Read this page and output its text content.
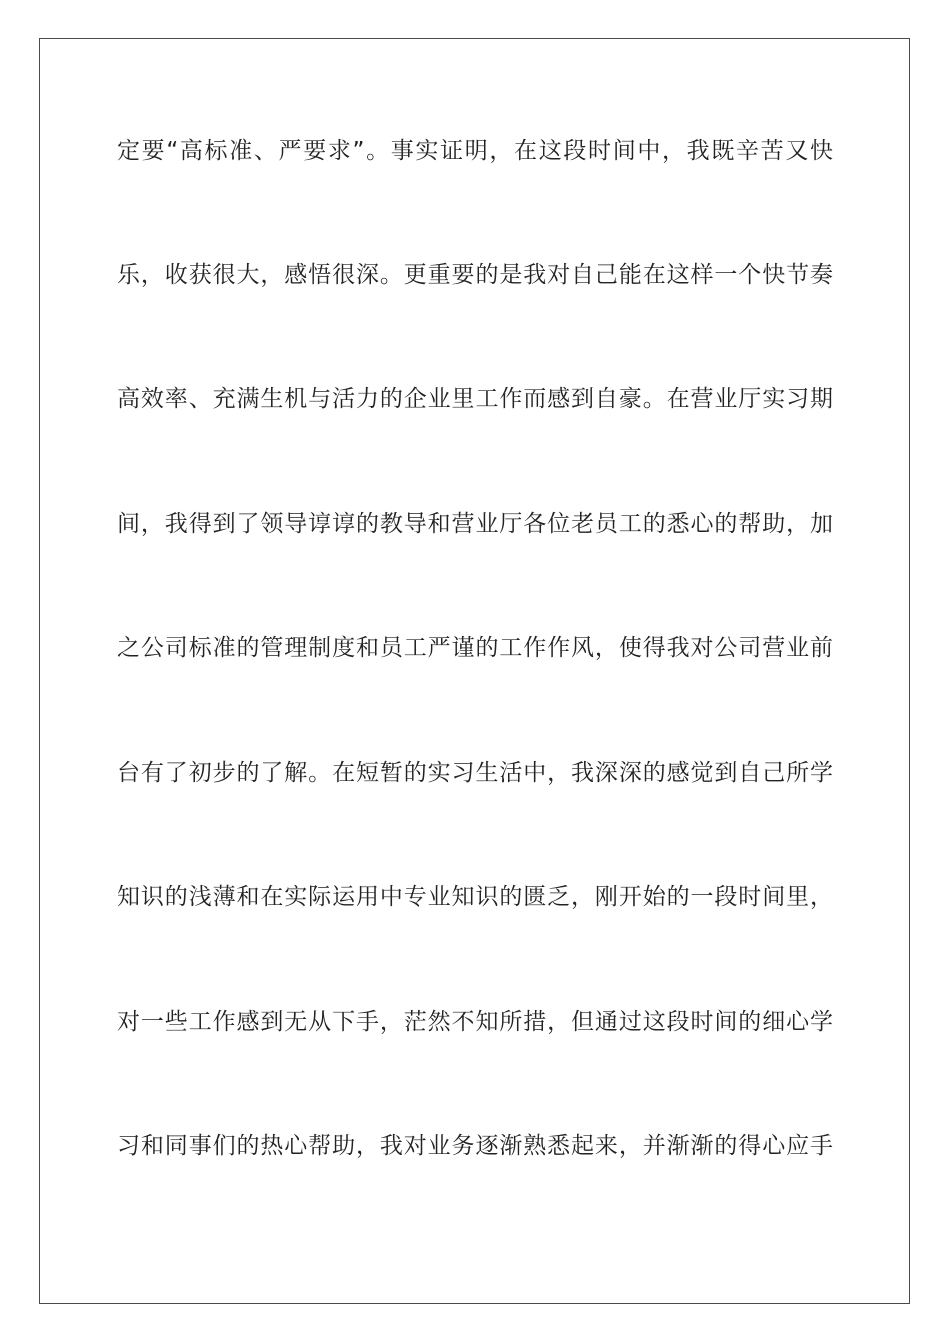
定要“高标准、严要求”。事实证明，在这段时间中，我既辛苦又快
乐，收获很大，感悟很深。更重要的是我对自己能在这样一个快节奏
高效率、充满生机与活力的企业里工作而感到自豪。在营业厅实习期
间，我得到了领导谆谆的教导和营业厅各位老员工的悉心的帮助，加
之公司标准的管理制度和员工严谨的工作作风，使得我对公司营业前
台有了初步的了解。在短暂的实习生活中，我深深的感觉到自己所学
知识的浅薄和在实际运用中专业知识的匮乏，刚开始的一段时间里，
对一些工作感到无从下手，茫然不知所措，但通过这段时间的细心学
习和同事们的热心帮助，我对业务逐渐熟悉起来，并渐渐的得心应手
